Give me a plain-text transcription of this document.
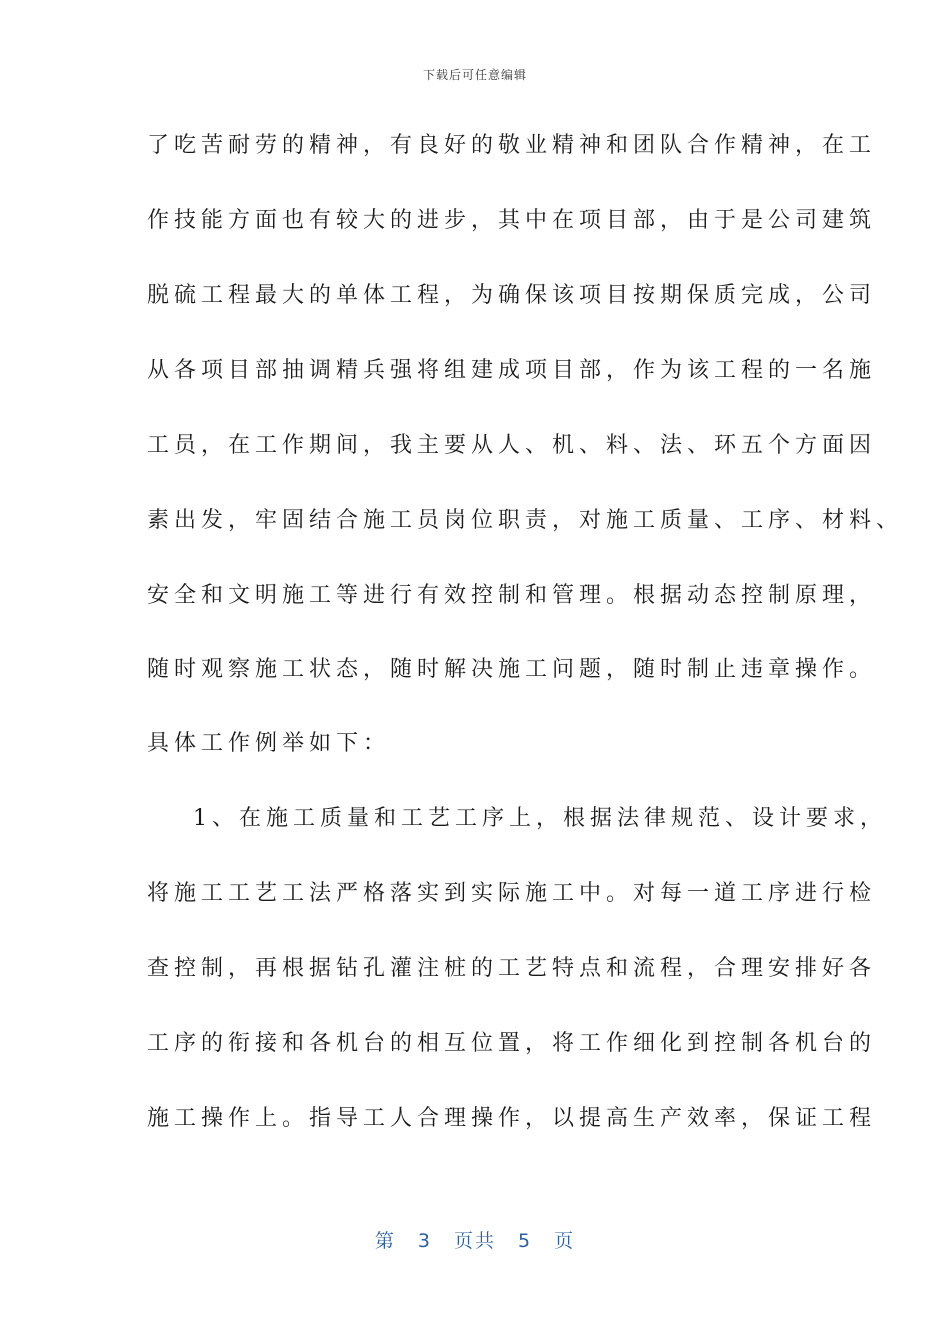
下载后可任意编辑
了吃苦耐劳的精神，有良好的敬业精神和团队合作精神，在工
作技能方面也有较大的进步，其中在项目部，由于是公司建筑
脱硫工程最大的单体工程，为确保该项目按期保质完成，公司
从各项目部抽调精兵强将组建成项目部，作为该工程的一名施
工员，在工作期间，我主要从人、机、料、法、环五个方面因
素出发，牢固结合施工员岗位职责，对施工质量、工序、材料、
安全和文明施工等进行有效控制和管理。根据动态控制原理，
随时观察施工状态，随时解决施工问题，随时制止违章操作。
具体工作例举如下：
1、在施工质量和工艺工序上，根据法律规范、设计要求，
将施工工艺工法严格落实到实际施工中。对每一道工序进行检
查控制，再根据钻孔灌注桩的工艺特点和流程，合理安排好各
工序的衔接和各机台的相互位置，将工作细化到控制各机台的
施工操作上。指导工人合理操作，以提高生产效率，保证工程
第 3 页共 5 页
